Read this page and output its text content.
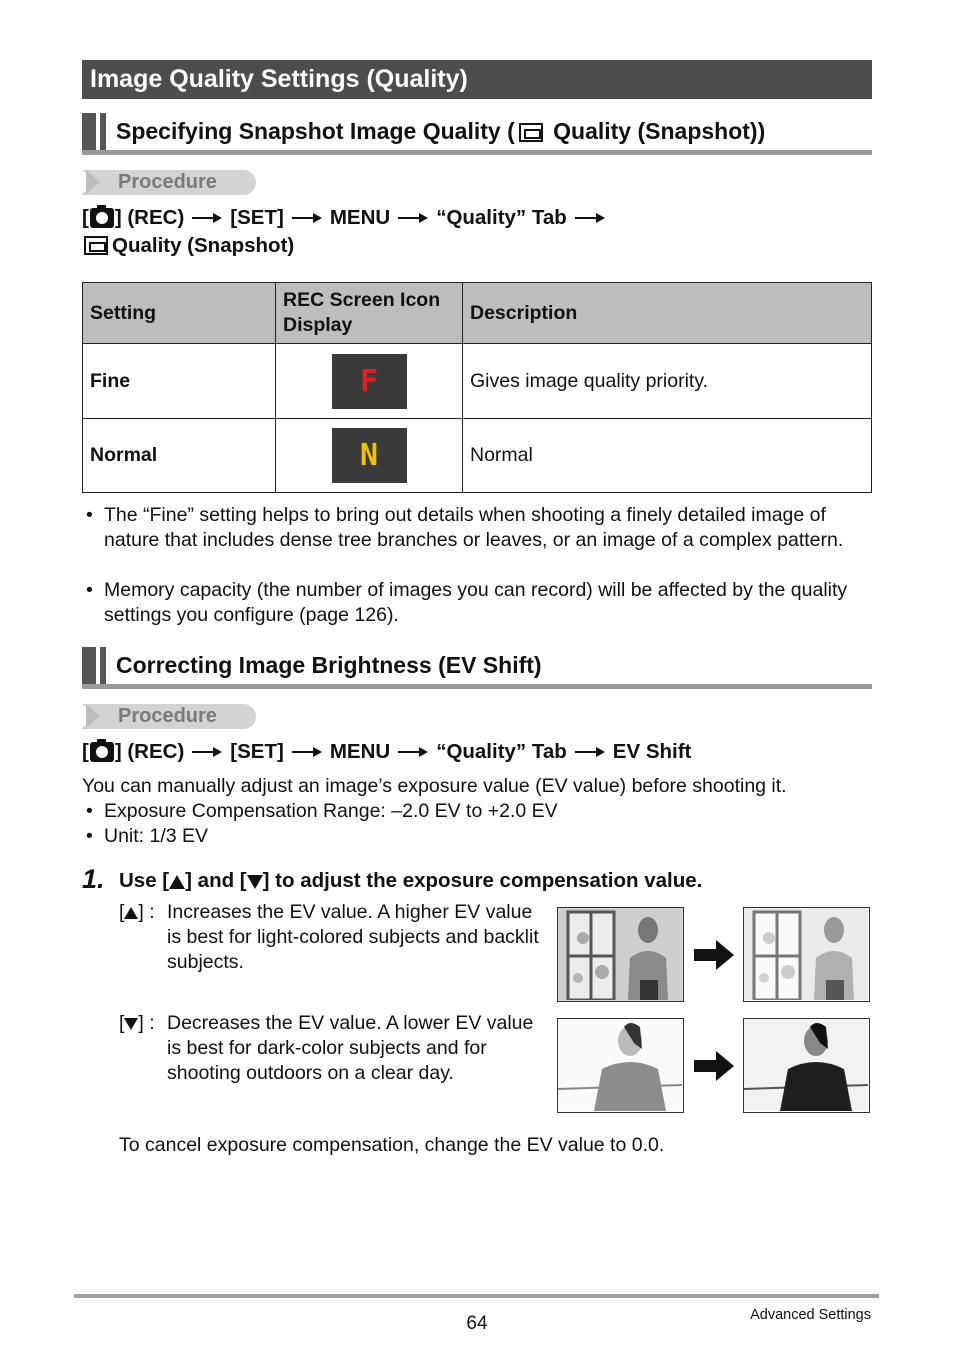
Image Quality Settings (Quality)
Specifying Snapshot Image Quality ( Quality (Snapshot))
Procedure
[ ] (REC) [SET] MENU “Quality” Tab
Quality (Snapshot)
Setting	REC Screen Icon Display	Description
Fine	F	Gives image quality priority.
Normal	N	Normal
• The “Fine” setting helps to bring out details when shooting a finely detailed image of nature that includes dense tree branches or leaves, or an image of a complex pattern.
• Memory capacity (the number of images you can record) will be affected by the quality settings you configure (page 126).
Correcting Image Brightness (EV Shift)
Procedure
[ ] (REC) [SET] MENU “Quality” Tab EV Shift
You can manually adjust an image’s exposure value (EV value) before shooting it.
• Exposure Compensation Range: –2.0 EV to +2.0 EV
• Unit: 1/3 EV
1. Use [ ] and [ ] to adjust the exposure compensation value.
[ ] : Increases the EV value. A higher EV value is best for light-colored subjects and backlit subjects.
[ ] : Decreases the EV value. A lower EV value is best for dark-color subjects and for shooting outdoors on a clear day.
To cancel exposure compensation, change the EV value to 0.0.
64	Advanced Settings
